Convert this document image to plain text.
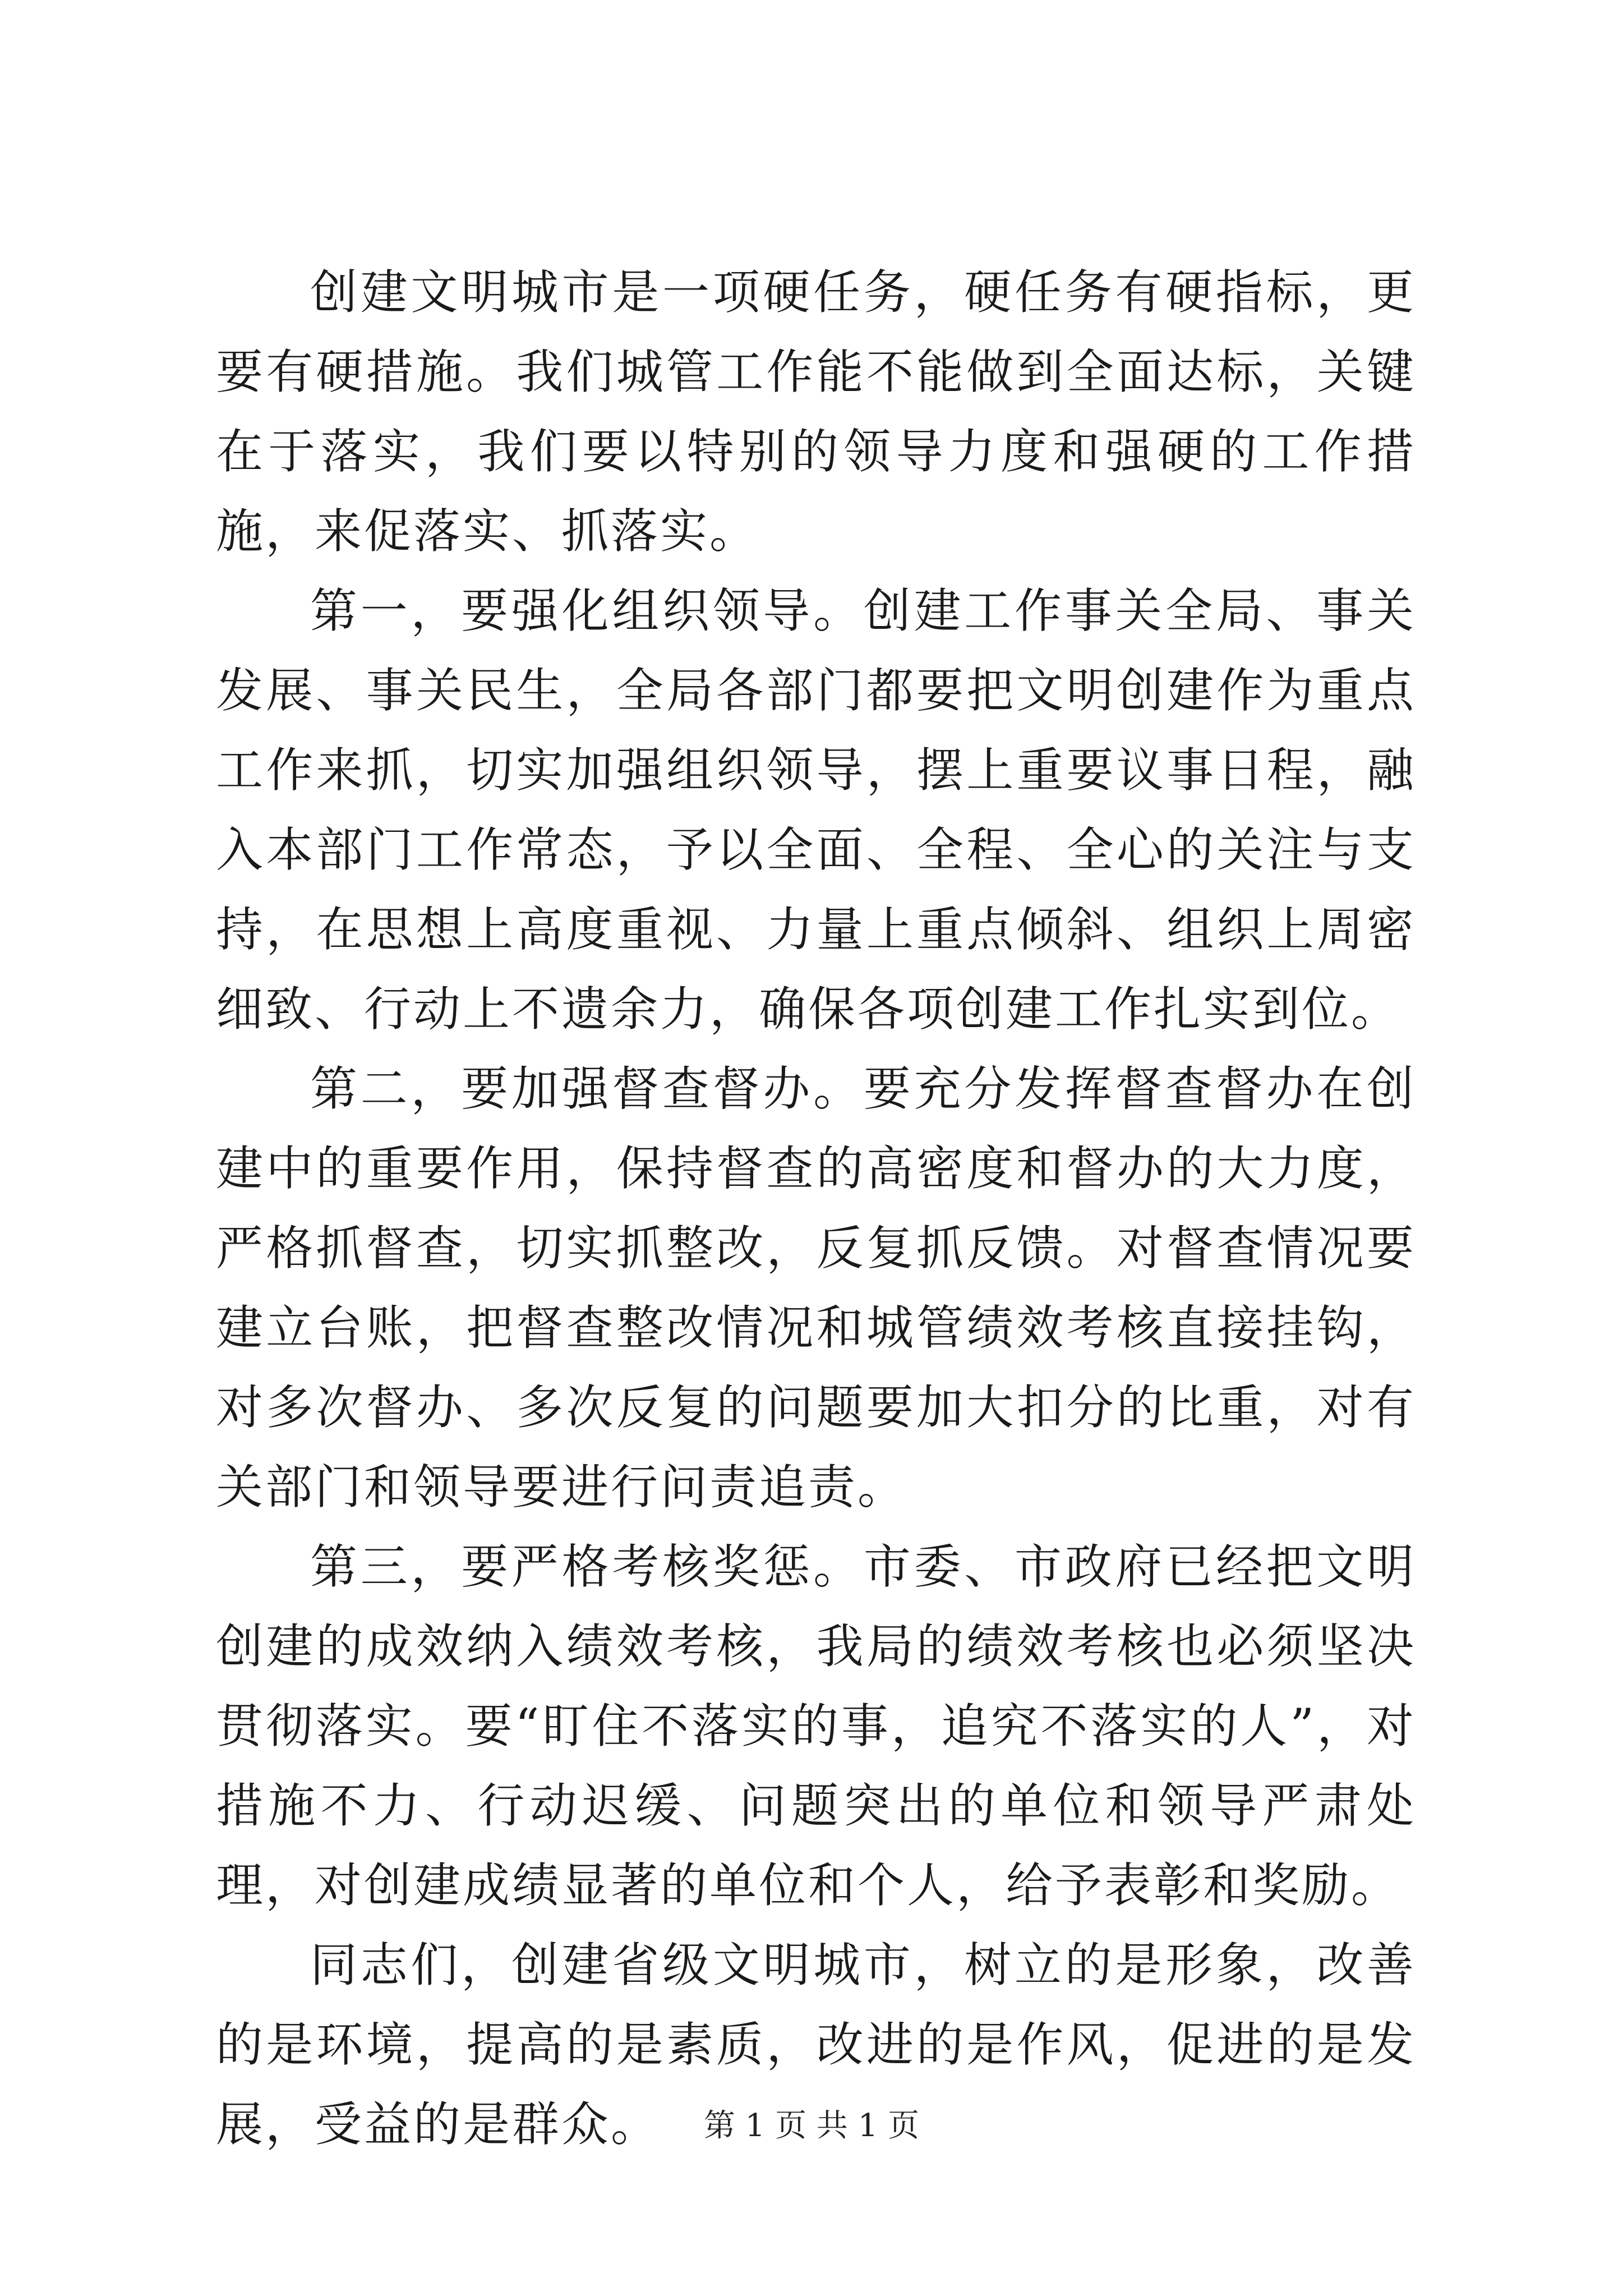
创建文明城市是一项硬任务，硬任务有硬指标，更要有硬措施。我们城管工作能不能做到全面达标，关键在于落实，我们要以特别的领导力度和强硬的工作措施，来促落实、抓落实。

第一，要强化组织领导。创建工作事关全局、事关发展、事关民生，全局各部门都要把文明创建作为重点工作来抓，切实加强组织领导，摆上重要议事日程，融入本部门工作常态，予以全面、全程、全心的关注与支持，在思想上高度重视、力量上重点倾斜、组织上周密细致、行动上不遗余力，确保各项创建工作扎实到位。

第二，要加强督查督办。要充分发挥督查督办在创建中的重要作用，保持督查的高密度和督办的大力度，严格抓督查，切实抓整改，反复抓反馈。对督查情况要建立台账，把督查整改情况和城管绩效考核直接挂钩，对多次督办、多次反复的问题要加大扣分的比重，对有关部门和领导要进行问责追责。

第三，要严格考核奖惩。市委、市政府已经把文明创建的成效纳入绩效考核，我局的绩效考核也必须坚决贯彻落实。要“盯住不落实的事，追究不落实的人”，对措施不力、行动迟缓、问题突出的单位和领导严肃处理，对创建成绩显著的单位和个人，给予表彰和奖励。

同志们，创建省级文明城市，树立的是形象，改善的是环境，提高的是素质，改进的是作风，促进的是发展，受益的是群众。	第 1 页 共 1 页
